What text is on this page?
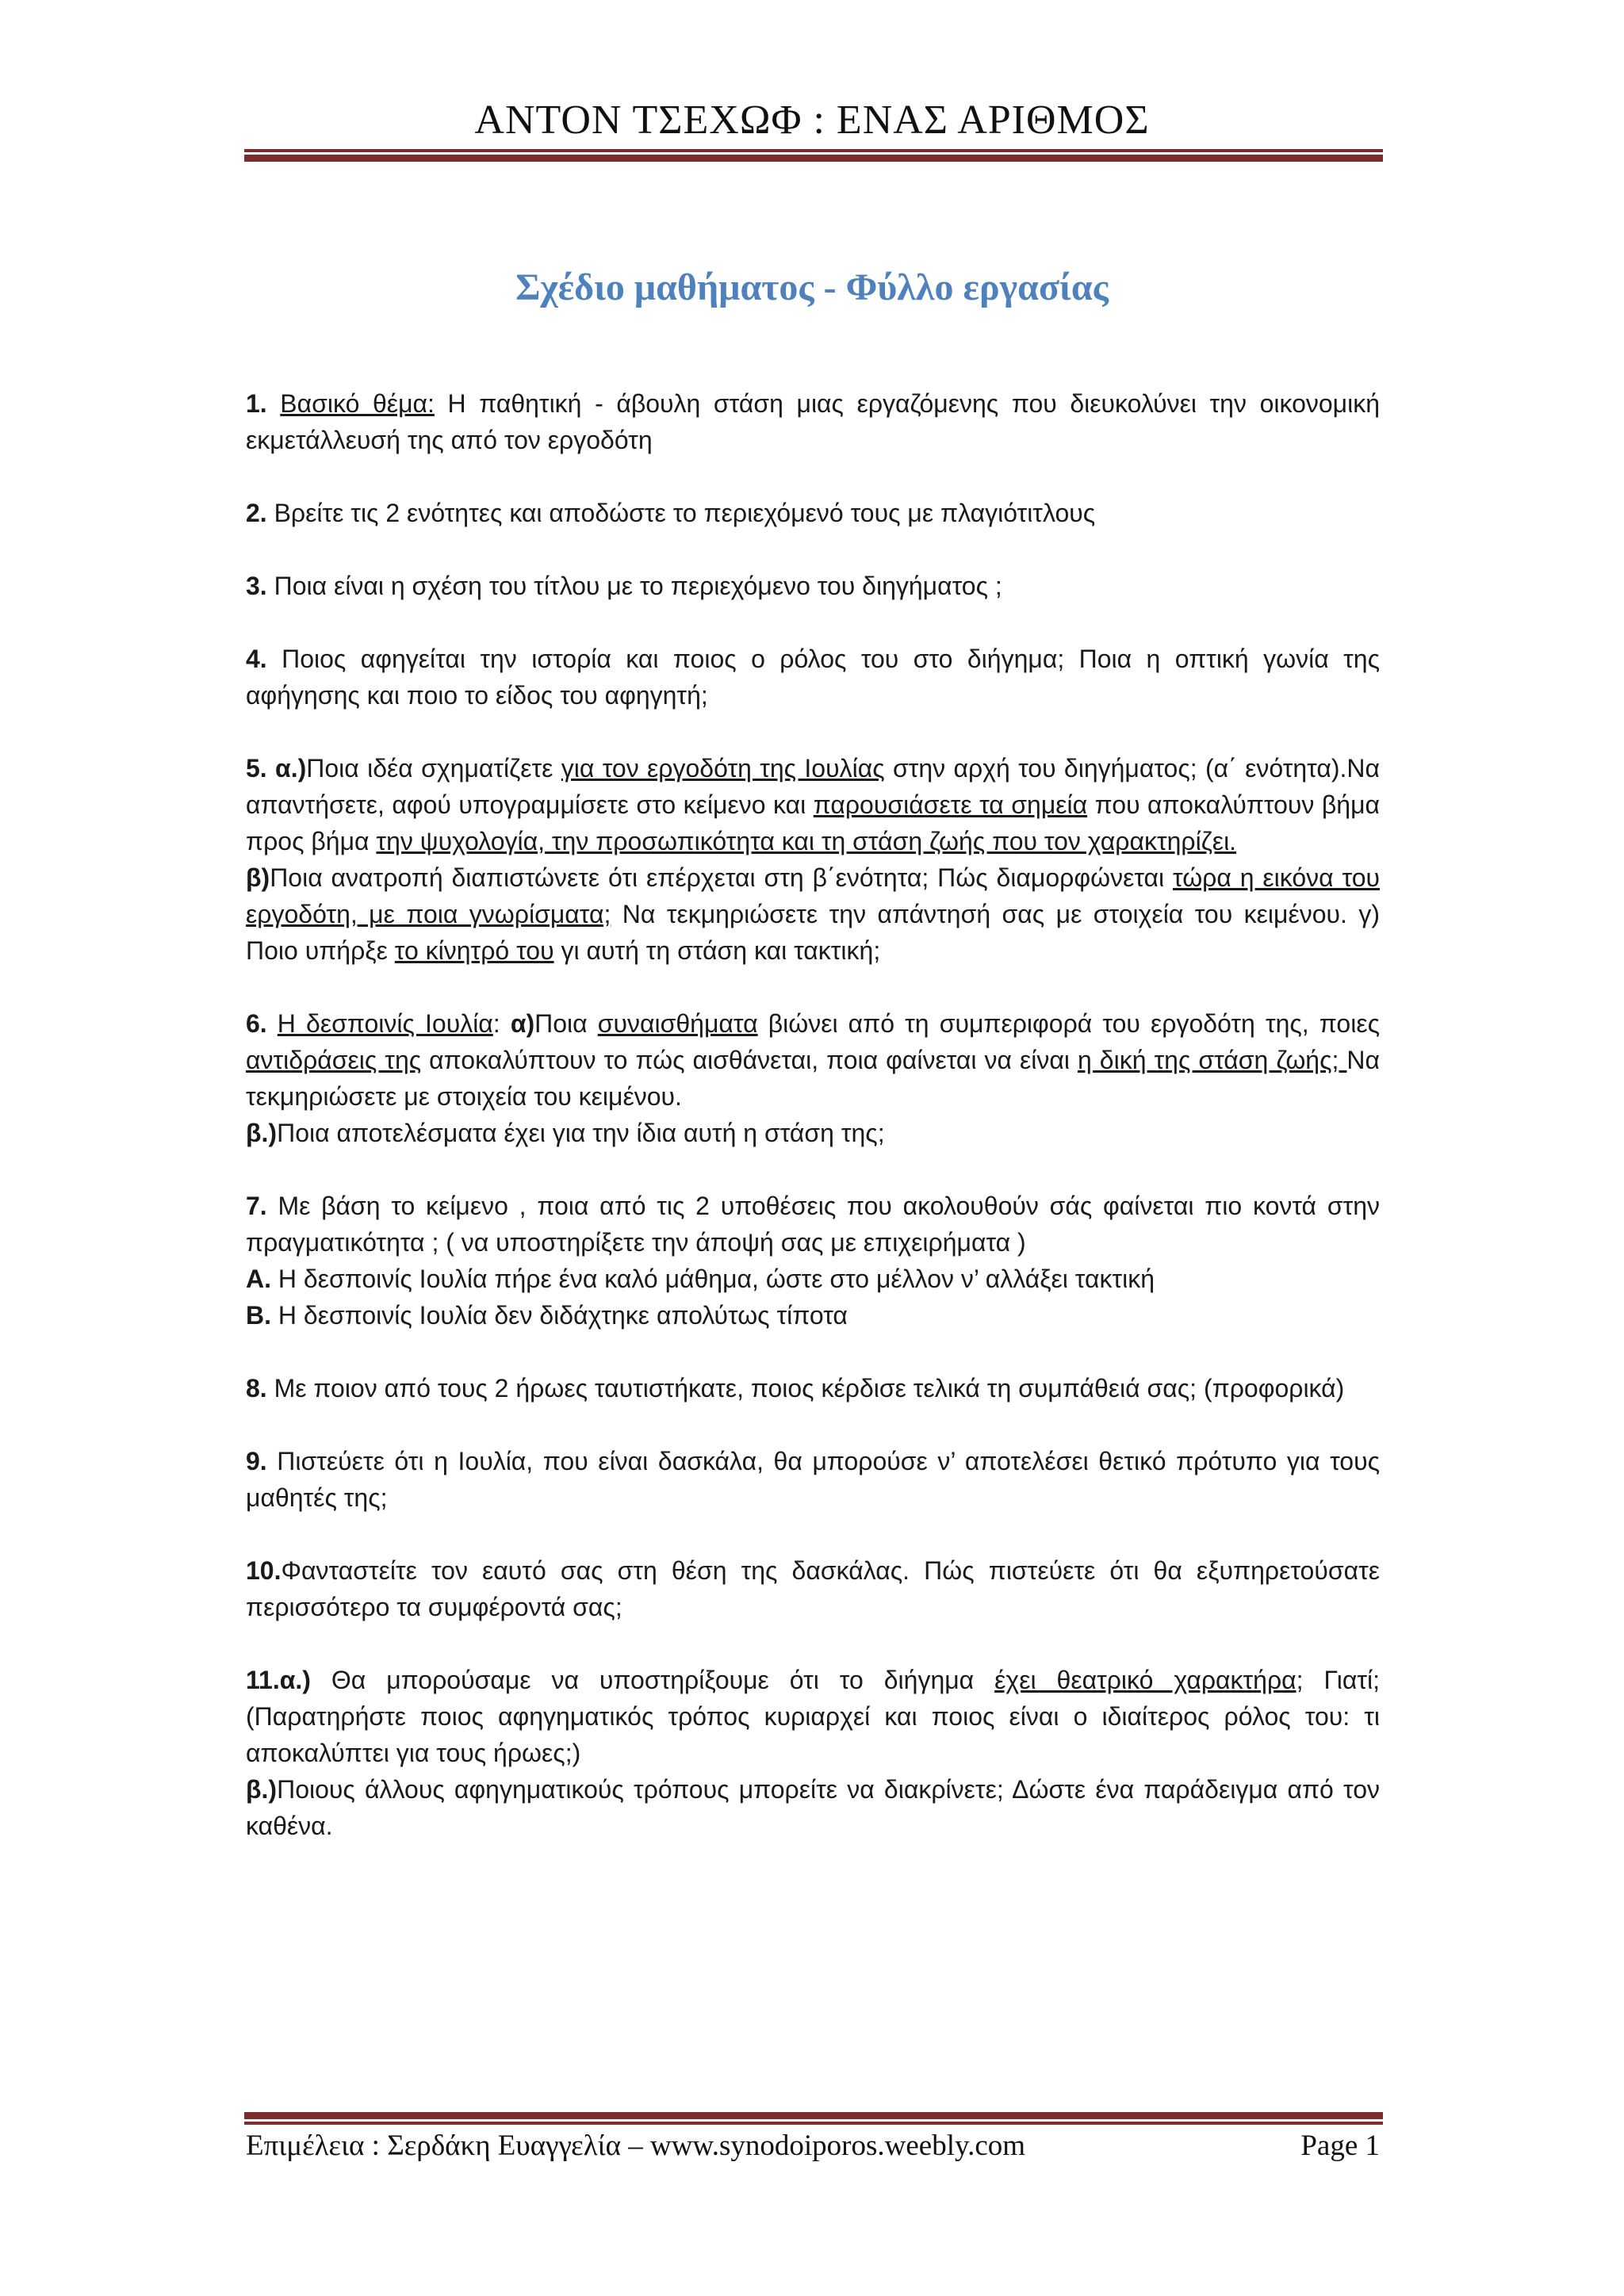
ΑΝΤΟΝ ΤΣΕΧΩΦ : ΕΝΑΣ ΑΡΙΘΜΟΣ
Σχέδιο μαθήματος - Φύλλο εργασίας

1. Βασικό θέμα: Η παθητική - άβουλη στάση μιας εργαζόμενης που διευκολύνει την οικονομική εκμετάλλευσή της από τον εργοδότη

2. Βρείτε τις 2 ενότητες και αποδώστε το περιεχόμενό τους με πλαγιότιτλους

3. Ποια είναι η σχέση του τίτλου με το περιεχόμενο του διηγήματος ;

4. Ποιος αφηγείται την ιστορία και ποιος ο ρόλος του στο διήγημα; Ποια η οπτική γωνία της αφήγησης και ποιο το είδος του αφηγητή;

5. α.)Ποια ιδέα σχηματίζετε για τον εργοδότη της Ιουλίας στην αρχή του διηγήματος; (α΄ ενότητα).Να απαντήσετε, αφού υπογραμμίσετε στο κείμενο και παρουσιάσετε τα σημεία που αποκαλύπτουν βήμα προς βήμα την ψυχολογία, την προσωπικότητα και τη στάση ζωής που τον χαρακτηρίζει.

β)Ποια ανατροπή διαπιστώνετε ότι επέρχεται στη β΄ενότητα; Πώς διαμορφώνεται τώρα η εικόνα του εργοδότη, με ποια γνωρίσματα; Να τεκμηριώσετε την απάντησή σας με στοιχεία του κειμένου. γ) Ποιο υπήρξε το κίνητρό του γι αυτή τη στάση και τακτική;

6. Η δεσποινίς Ιουλία: α)Ποια συναισθήματα βιώνει από τη συμπεριφορά του εργοδότη της, ποιες αντιδράσεις της αποκαλύπτουν το πώς αισθάνεται, ποια φαίνεται να είναι η δική της στάση ζωής; Να τεκμηριώσετε με στοιχεία του κειμένου.

β.)Ποια αποτελέσματα έχει για την ίδια αυτή η στάση της;

7. Με βάση το κείμενο , ποια από τις 2 υποθέσεις που ακολουθούν σάς φαίνεται πιο κοντά στην πραγματικότητα ; ( να υποστηρίξετε την άποψή σας με επιχειρήματα )

Α. Η δεσποινίς Ιουλία πήρε ένα καλό μάθημα, ώστε στο μέλλον ν’ αλλάξει τακτική

Β. Η δεσποινίς Ιουλία δεν διδάχτηκε απολύτως τίποτα

8. Με ποιον από τους 2 ήρωες ταυτιστήκατε, ποιος κέρδισε τελικά τη συμπάθειά σας; (προφορικά)

9. Πιστεύετε ότι η Ιουλία, που είναι δασκάλα, θα μπορούσε ν’ αποτελέσει θετικό πρότυπο για τους μαθητές της;

10.Φανταστείτε τον εαυτό σας στη θέση της δασκάλας. Πώς πιστεύετε ότι θα εξυπηρετούσατε περισσότερο τα συμφέροντά σας;

11.α.) Θα μπορούσαμε να υποστηρίξουμε ότι το διήγημα έχει θεατρικό χαρακτήρα; Γιατί; (Παρατηρήστε ποιος αφηγηματικός τρόπος κυριαρχεί και ποιος είναι ο ιδιαίτερος ρόλος του: τι αποκαλύπτει για τους ήρωες;)

β.)Ποιους άλλους αφηγηματικούς τρόπους μπορείτε να διακρίνετε; Δώστε ένα παράδειγμα από τον καθένα.

Επιμέλεια : Σερδάκη Ευαγγελία – www.synodoiporos.weebly.com	Page 1
